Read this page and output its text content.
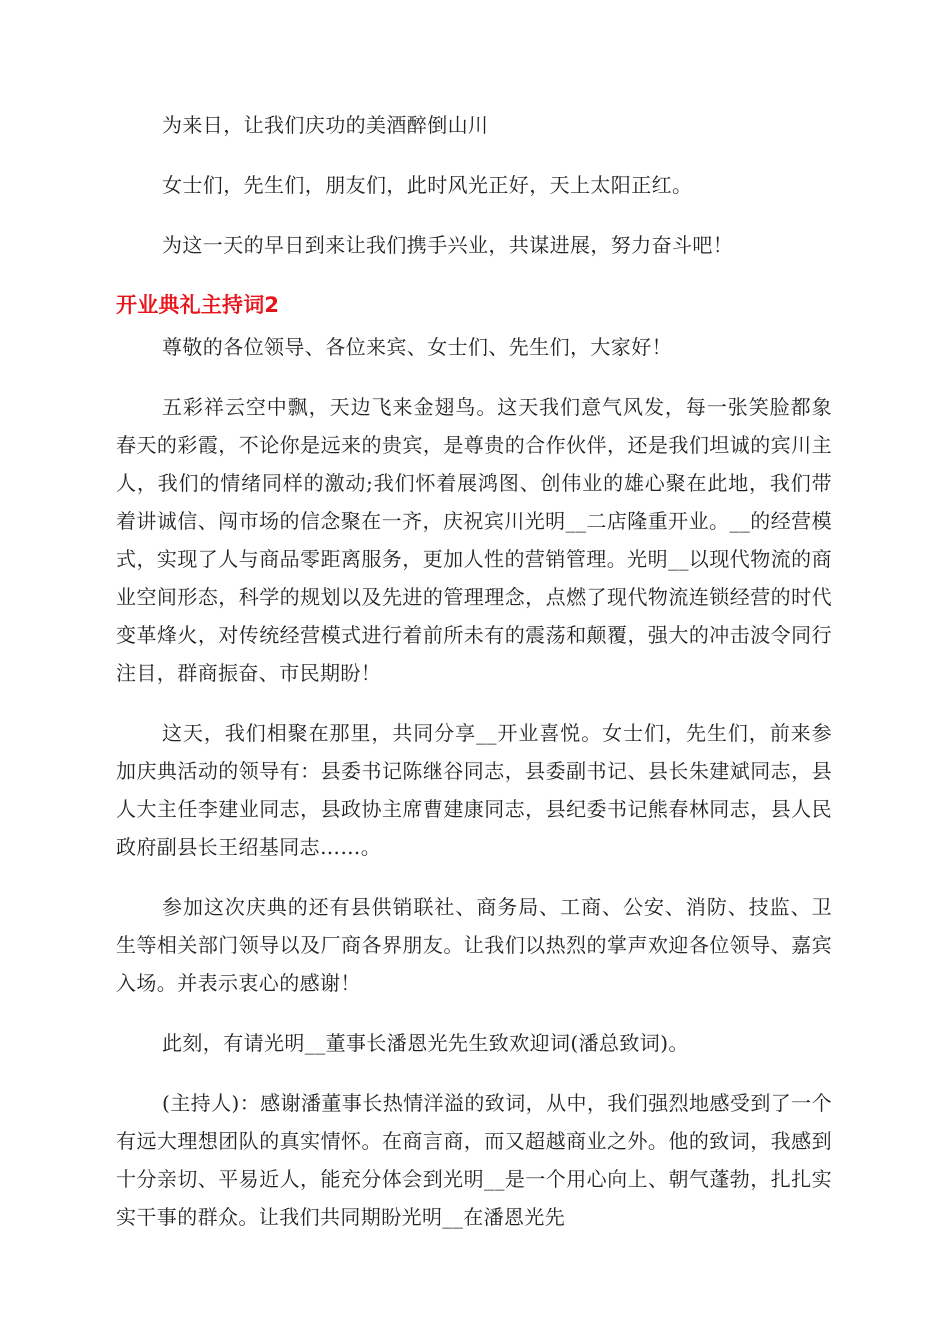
为来日，让我们庆功的美酒醉倒山川

女士们，先生们，朋友们，此时风光正好，天上太阳正红。

为这一天的早日到来让我们携手兴业，共谋进展，努力奋斗吧！

开业典礼主持词2

尊敬的各位领导、各位来宾、女士们、先生们，大家好！

五彩祥云空中飘，天边飞来金翅鸟。这天我们意气风发，每一张笑脸都象春天的彩霞，不论你是远来的贵宾，是尊贵的合作伙伴，还是我们坦诚的宾川主人，我们的情绪同样的激动;我们怀着展鸿图、创伟业的雄心聚在此地，我们带着讲诚信、闯市场的信念聚在一齐，庆祝宾川光明__二店隆重开业。__的经营模式，实现了人与商品零距离服务，更加人性的营销管理。光明__以现代物流的商业空间形态，科学的规划以及先进的管理理念，点燃了现代物流连锁经营的时代变革烽火，对传统经营模式进行着前所未有的震荡和颠覆，强大的冲击波令同行注目，群商振奋、市民期盼！

这天，我们相聚在那里，共同分享__开业喜悦。女士们，先生们，前来参加庆典活动的领导有：县委书记陈继谷同志，县委副书记、县长朱建斌同志，县人大主任李建业同志，县政协主席曹建康同志，县纪委书记熊春林同志，县人民政府副县长王绍基同志……。

参加这次庆典的还有县供销联社、商务局、工商、公安、消防、技监、卫生等相关部门领导以及厂商各界朋友。让我们以热烈的掌声欢迎各位领导、嘉宾入场。并表示衷心的感谢！

此刻，有请光明__董事长潘恩光先生致欢迎词(潘总致词)。

(主持人)：感谢潘董事长热情洋溢的致词，从中，我们强烈地感受到了一个有远大理想团队的真实情怀。在商言商，而又超越商业之外。他的致词，我感到十分亲切、平易近人，能充分体会到光明__是一个用心向上、朝气蓬勃，扎扎实实干事的群众。让我们共同期盼光明__在潘恩光先
